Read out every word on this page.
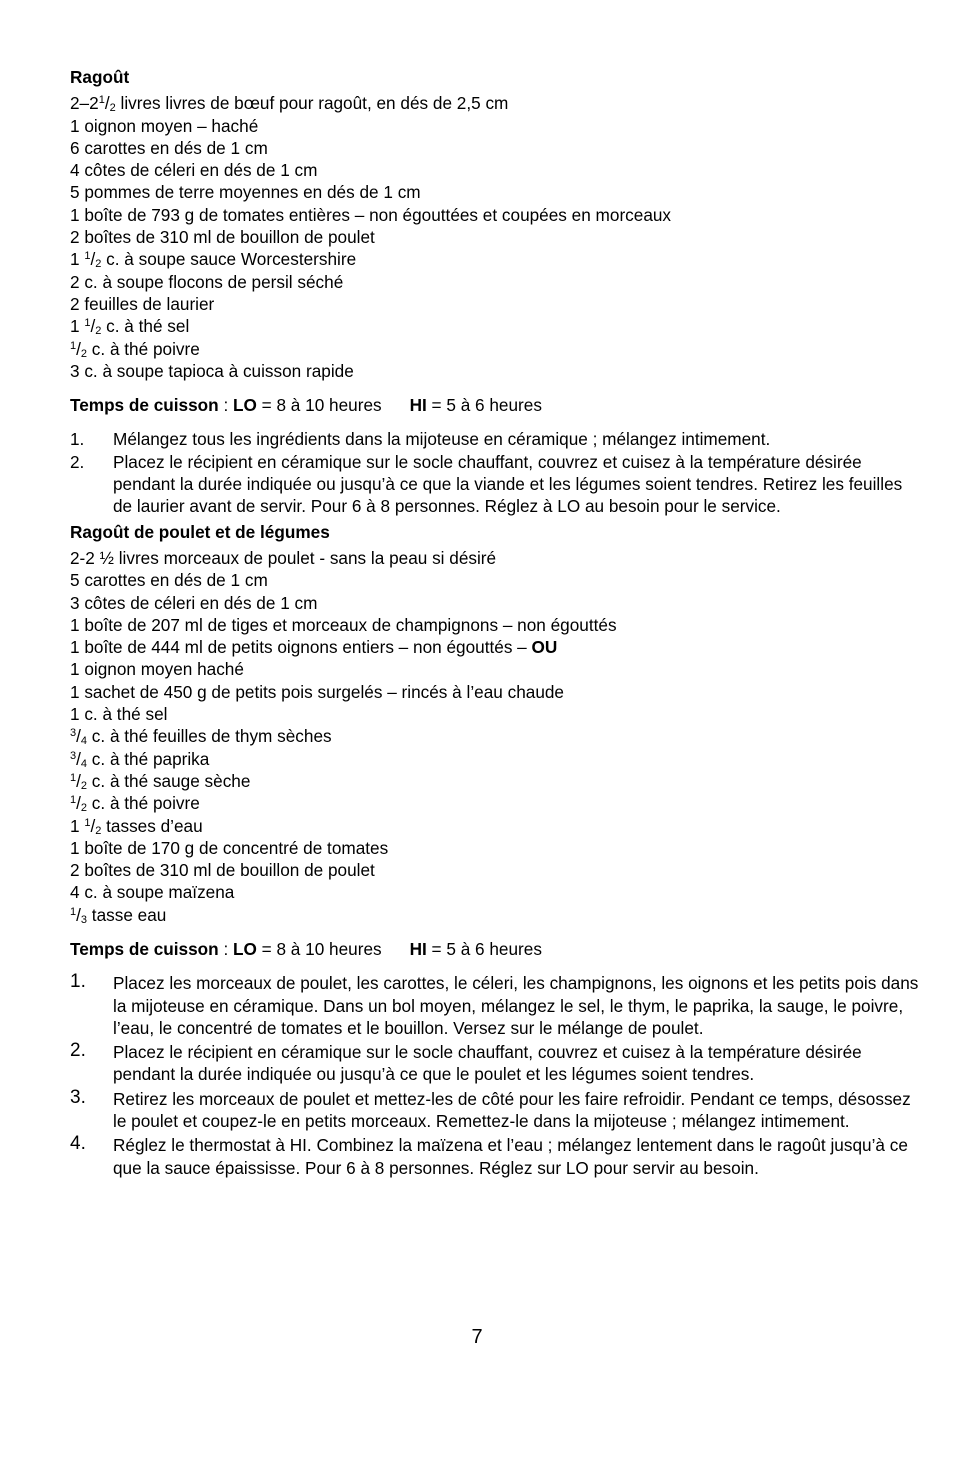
Ragoût
$2-2^1/2$ livres livres de bœuf pour ragoût, en dés de 2,5 cm
1 oignon moyen – haché
6 carottes en dés de 1 cm
4 côtes de céleri en dés de 1 cm
5 pommes de terre moyennes en dés de 1 cm
1 boîte de 793 g de tomates entières – non égouttées et coupées en morceaux
2 boîtes de 310 ml de bouillon de poulet
1 $^1$/2 c. à soupe sauce Worcestershire
2 c. à soupe flocons de persil séché
2 feuilles de laurier
1 $^1$/2 c. à thé sel
$^1$/2 c. à thé poivre
3 c. à soupe tapioca à cuisson rapide
Temps de cuisson : LO = 8 à 10 heures HI = 5 à 6 heures
1. Mélangez tous les ingrédients dans la mijoteuse en céramique ; mélangez intimement.
2. Placez le récipient en céramique sur le socle chauffant, couvrez et cuisez à la température désirée pendant la durée indiquée ou jusqu’à ce que la viande et les légumes soient tendres. Retirez les feuilles de laurier avant de servir. Pour 6 à 8 personnes. Réglez à LO au besoin pour le service.
Ragoût de poulet et de légumes
2-2 ½ livres morceaux de poulet - sans la peau si désiré
5 carottes en dés de 1 cm
3 côtes de céleri en dés de 1 cm
1 boîte de 207 ml de tiges et morceaux de champignons – non égouttés
1 boîte de 444 ml de petits oignons entiers – non égouttés – OU
1 oignon moyen haché
1 sachet de 450 g de petits pois surgelés – rincés à l’eau chaude
1 c. à thé sel
$^3$/4 c. à thé feuilles de thym sèches
$^3$/4 c. à thé paprika
$^1$/2 c. à thé sauge sèche
$^1$/2 c. à thé poivre
1 $^1$/2 tasses d’eau
1 boîte de 170 g de concentré de tomates
2 boîtes de 310 ml de bouillon de poulet
4 c. à soupe maïzena
$^1$/3 tasse eau
Temps de cuisson : LO = 8 à 10 heures HI = 5 à 6 heures
1. Placez les morceaux de poulet, les carottes, le céleri, les champignons, les oignons et les petits pois dans la mijoteuse en céramique. Dans un bol moyen, mélangez le sel, le thym, le paprika, la sauge, le poivre, l’eau, le concentré de tomates et le bouillon. Versez sur le mélange de poulet.
2. Placez le récipient en céramique sur le socle chauffant, couvrez et cuisez à la température désirée pendant la durée indiquée ou jusqu’à ce que le poulet et les légumes soient tendres.
3. Retirez les morceaux de poulet et mettez-les de côté pour les faire refroidir. Pendant ce temps, désossez le poulet et coupez-le en petits morceaux. Remettez-le dans la mijoteuse ; mélangez intimement.
4. Réglez le thermostat à HI. Combinez la maïzena et l’eau ; mélangez lentement dans le ragoût jusqu’à ce que la sauce épaississe. Pour 6 à 8 personnes. Réglez sur LO pour servir au besoin.
7
